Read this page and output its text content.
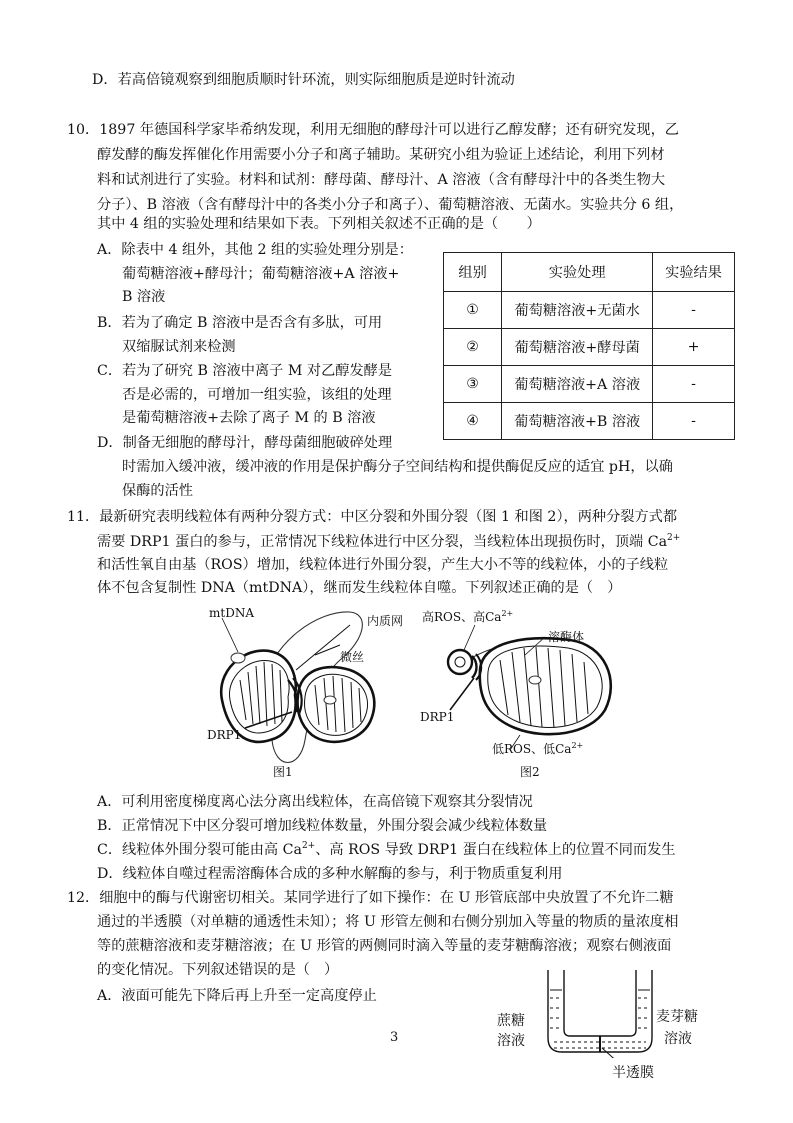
D．若高倍镜观察到细胞质顺时针环流，则实际细胞质是逆时针流动
10．1897 年德国科学家毕希纳发现，利用无细胞的酵母汁可以进行乙醇发酵；还有研究发现，乙
醇发酵的酶发挥催化作用需要小分子和离子辅助。某研究小组为验证上述结论，利用下列材
料和试剂进行了实验。材料和试剂：酵母菌、酵母汁、A 溶液（含有酵母汁中的各类生物大
分子）、B 溶液（含有酵母汁中的各类小分子和离子）、葡萄糖溶液、无菌水。实验共分 6 组，
其中 4 组的实验处理和结果如下表。下列相关叙述不正确的是（　　）
A．除表中 4 组外，其他 2 组的实验处理分别是：
葡萄糖溶液+酵母汁；葡萄糖溶液+A 溶液+
B 溶液
B．若为了确定 B 溶液中是否含有多肽，可用
双缩脲试剂来检测
C．若为了研究 B 溶液中离子 M 对乙醇发酵是
否是必需的，可增加一组实验，该组的处理
是葡萄糖溶液+去除了离子 M 的 B 溶液
D．制备无细胞的酵母汁，酵母菌细胞破碎处理
时需加入缓冲液，缓冲液的作用是保护酶分子空间结构和提供酶促反应的适宜 pH，以确
保酶的活性
组别	实验处理	实验结果
①	葡萄糖溶液+无菌水	-
②	葡萄糖溶液+酵母菌	+
③	葡萄糖溶液+A 溶液	-
④	葡萄糖溶液+B 溶液	-
11．最新研究表明线粒体有两种分裂方式：中区分裂和外围分裂（图 1 和图 2），两种分裂方式都
需要 DRP1 蛋白的参与，正常情况下线粒体进行中区分裂，当线粒体出现损伤时，顶端 $Ca^{2+}$
和活性氧自由基（ROS）增加，线粒体进行外围分裂，产生大小不等的线粒体，小的子线粒
体不包含复制性 DNA（mtDNA），继而发生线粒体自噬。下列叙述正确的是（　）
mtDNA
内质网
微丝
DRP1
图1
高ROS、高$Ca^{2+}$
溶酶体
DRP1
低ROS、低$Ca^{2+}$
图2
A．可利用密度梯度离心法分离出线粒体，在高倍镜下观察其分裂情况
B．正常情况下中区分裂可增加线粒体数量，外围分裂会减少线粒体数量
C．线粒体外围分裂可能由高 $Ca^{2+}$、高 ROS 导致 DRP1 蛋白在线粒体上的位置不同而发生
D．线粒体自噬过程需溶酶体合成的多种水解酶的参与，利于物质重复利用
12．细胞中的酶与代谢密切相关。某同学进行了如下操作：在 U 形管底部中央放置了不允许二糖
通过的半透膜（对单糖的通透性未知）；将 U 形管左侧和右侧分别加入等量的物质的量浓度相
等的蔗糖溶液和麦芽糖溶液；在 U 形管的两侧同时滴入等量的麦芽糖酶溶液；观察右侧液面
的变化情况。下列叙述错误的是（　）
A．液面可能先下降后再上升至一定高度停止
蔗糖
溶液
麦芽糖
溶液
半透膜
3
